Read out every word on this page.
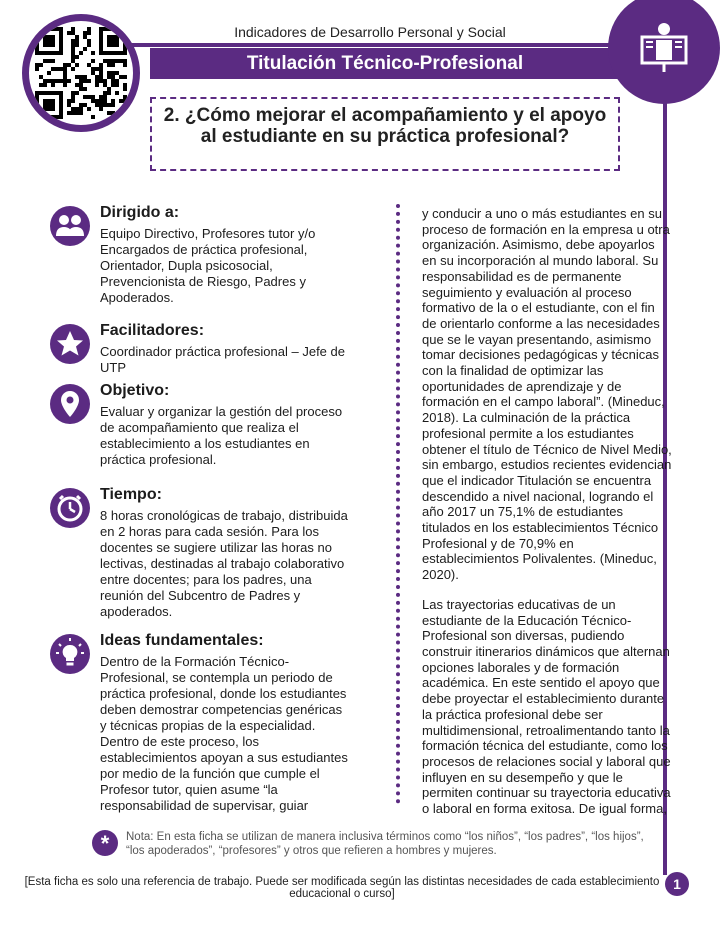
Indicadores de Desarrollo Personal y Social
Titulación Técnico-Profesional
2. ¿Cómo mejorar el acompañamiento y el apoyo al estudiante en su práctica profesional?
Dirigido a:

Equipo Directivo, Profesores tutor y/o Encargados de práctica profesional, Orientador, Dupla psicosocial, Prevencionista de Riesgo, Padres y Apoderados.

Facilitadores:

Coordinador práctica profesional – Jefe de UTP

Objetivo:

Evaluar y organizar la gestión del proceso de acompañamiento que realiza el establecimiento a los estudiantes en práctica profesional.

Tiempo:

8 horas cronológicas de trabajo, distribuida en 2 horas para cada sesión. Para los docentes se sugiere utilizar las horas no lectivas, destinadas al trabajo colaborativo entre docentes; para los padres, una reunión del Subcentro de Padres y apoderados.

Ideas fundamentales:

Dentro de la Formación Técnico-Profesional, se contempla un periodo de práctica profesional, donde los estudiantes deben demostrar competencias genéricas y técnicas propias de la especialidad. Dentro de este proceso, los establecimientos apoyan a sus estudiantes por medio de la función que cumple el Profesor tutor, quien asume “la responsabilidad de supervisar, guiar

y conducir a uno o más estudiantes en su proceso de formación en la empresa u otra organización. Asimismo, debe apoyarlos en su incorporación al mundo laboral. Su responsabilidad es de permanente seguimiento y evaluación al proceso formativo de la o el estudiante, con el fin de orientarlo conforme a las necesidades que se le vayan presentando, asimismo tomar decisiones pedagógicas y técnicas con la finalidad de optimizar las oportunidades de aprendizaje y de formación en el campo laboral”. (Mineduc, 2018). La culminación de la práctica profesional permite a los estudiantes obtener el título de Técnico de Nivel Medio, sin embargo, estudios recientes evidencian que el indicador Titulación se encuentra descendido a nivel nacional, logrando el año 2017 un 75,1% de estudiantes titulados en los establecimientos Técnico Profesional y de 70,9% en establecimientos Polivalentes. (Mineduc, 2020).

Las trayectorias educativas de un estudiante de la Educación Técnico-Profesional son diversas, pudiendo construir itinerarios dinámicos que alternan opciones laborales y de formación académica. En este sentido el apoyo que debe proyectar el establecimiento durante la práctica profesional debe ser multidimensional, retroalimentando tanto la formación técnica del estudiante, como los procesos de relaciones social y laboral que influyen en su desempeño y que le permiten continuar su trayectoria educativa o laboral en forma exitosa. De igual forma,

*	Nota: En esta ficha se utilizan de manera inclusiva términos como “los niños”, “los padres”, “los hijos”, “los apoderados”, “profesores” y otros que refieren a hombres y mujeres.
[Esta ficha es solo una referencia de trabajo. Puede ser modificada según las distintas necesidades de cada establecimiento educacional o curso]
1
